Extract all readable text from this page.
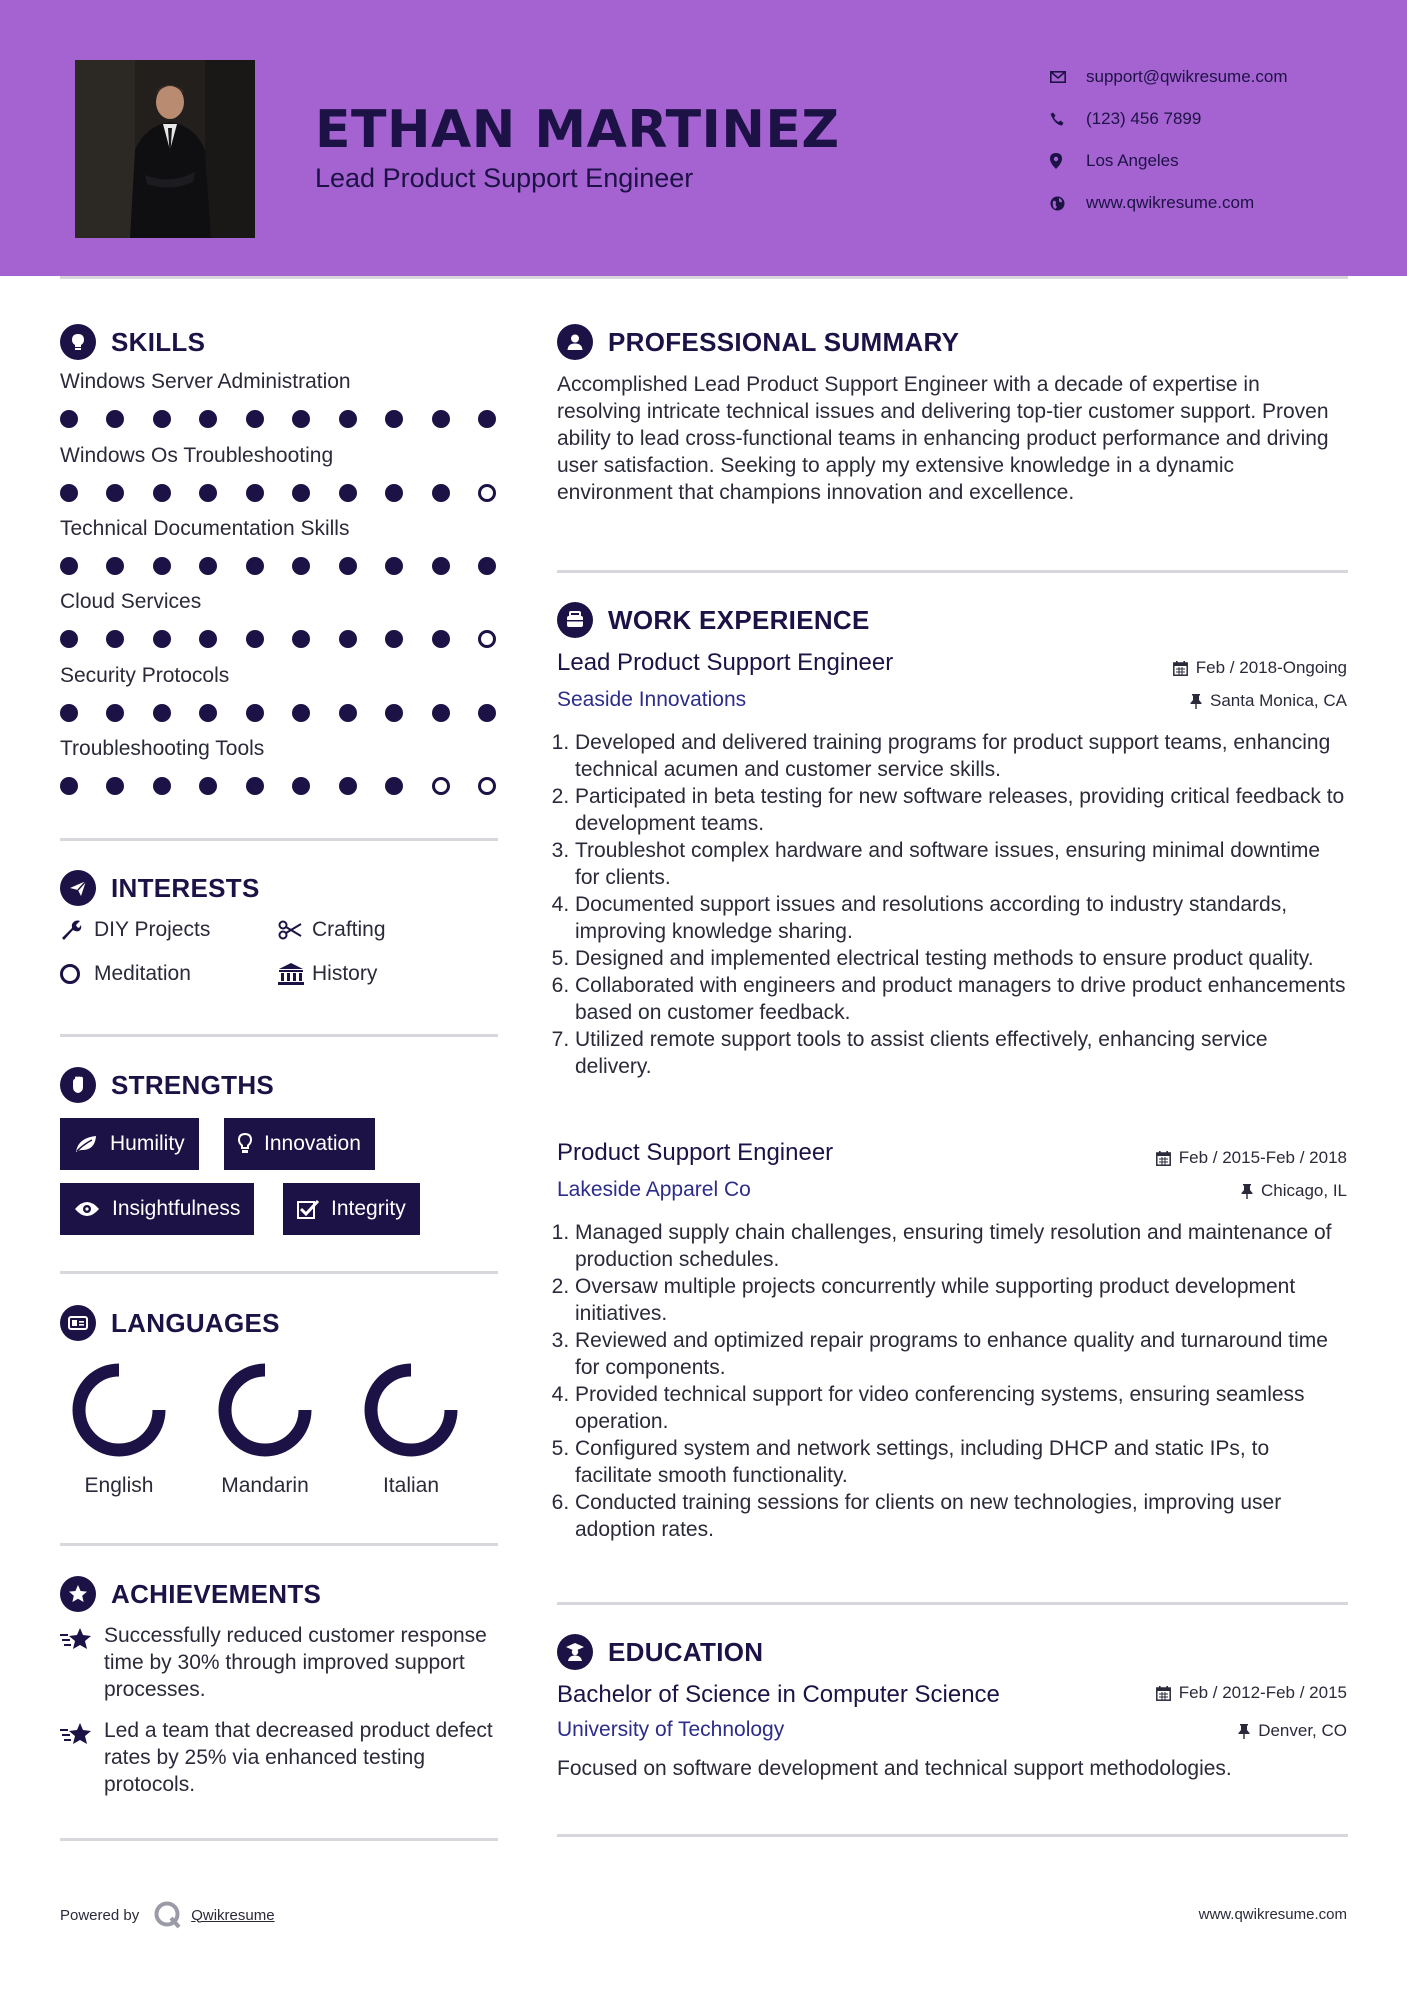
ETHAN MARTINEZ
Lead Product Support Engineer
support@qwikresume.com
(123) 456 7899
Los Angeles
www.qwikresume.com
SKILLS
Windows Server Administration
Windows Os Troubleshooting
Technical Documentation Skills
Cloud Services
Security Protocols
Troubleshooting Tools
INTERESTS
DIY Projects	Crafting
Meditation	History
STRENGTHS
Humility	Innovation
Insightfulness	Integrity
LANGUAGES
English	Mandarin	Italian
ACHIEVEMENTS
Successfully reduced customer response time by 30% through improved support processes.
Led a team that decreased product defect rates by 25% via enhanced testing protocols.
PROFESSIONAL SUMMARY
Accomplished Lead Product Support Engineer with a decade of expertise in resolving intricate technical issues and delivering top-tier customer support. Proven ability to lead cross-functional teams in enhancing product performance and driving user satisfaction. Seeking to apply my extensive knowledge in a dynamic environment that champions innovation and excellence.
WORK EXPERIENCE
Lead Product Support Engineer	Feb / 2018-Ongoing
Seaside Innovations	Santa Monica, CA
1. Developed and delivered training programs for product support teams, enhancing technical acumen and customer service skills.
2. Participated in beta testing for new software releases, providing critical feedback to development teams.
3. Troubleshot complex hardware and software issues, ensuring minimal downtime for clients.
4. Documented support issues and resolutions according to industry standards, improving knowledge sharing.
5. Designed and implemented electrical testing methods to ensure product quality.
6. Collaborated with engineers and product managers to drive product enhancements based on customer feedback.
7. Utilized remote support tools to assist clients effectively, enhancing service delivery.
Product Support Engineer	Feb / 2015-Feb / 2018
Lakeside Apparel Co	Chicago, IL
1. Managed supply chain challenges, ensuring timely resolution and maintenance of production schedules.
2. Oversaw multiple projects concurrently while supporting product development initiatives.
3. Reviewed and optimized repair programs to enhance quality and turnaround time for components.
4. Provided technical support for video conferencing systems, ensuring seamless operation.
5. Configured system and network settings, including DHCP and static IPs, to facilitate smooth functionality.
6. Conducted training sessions for clients on new technologies, improving user adoption rates.
EDUCATION
Bachelor of Science in Computer Science	Feb / 2012-Feb / 2015
University of Technology	Denver, CO
Focused on software development and technical support methodologies.
Powered by	Qwikresume	www.qwikresume.com
